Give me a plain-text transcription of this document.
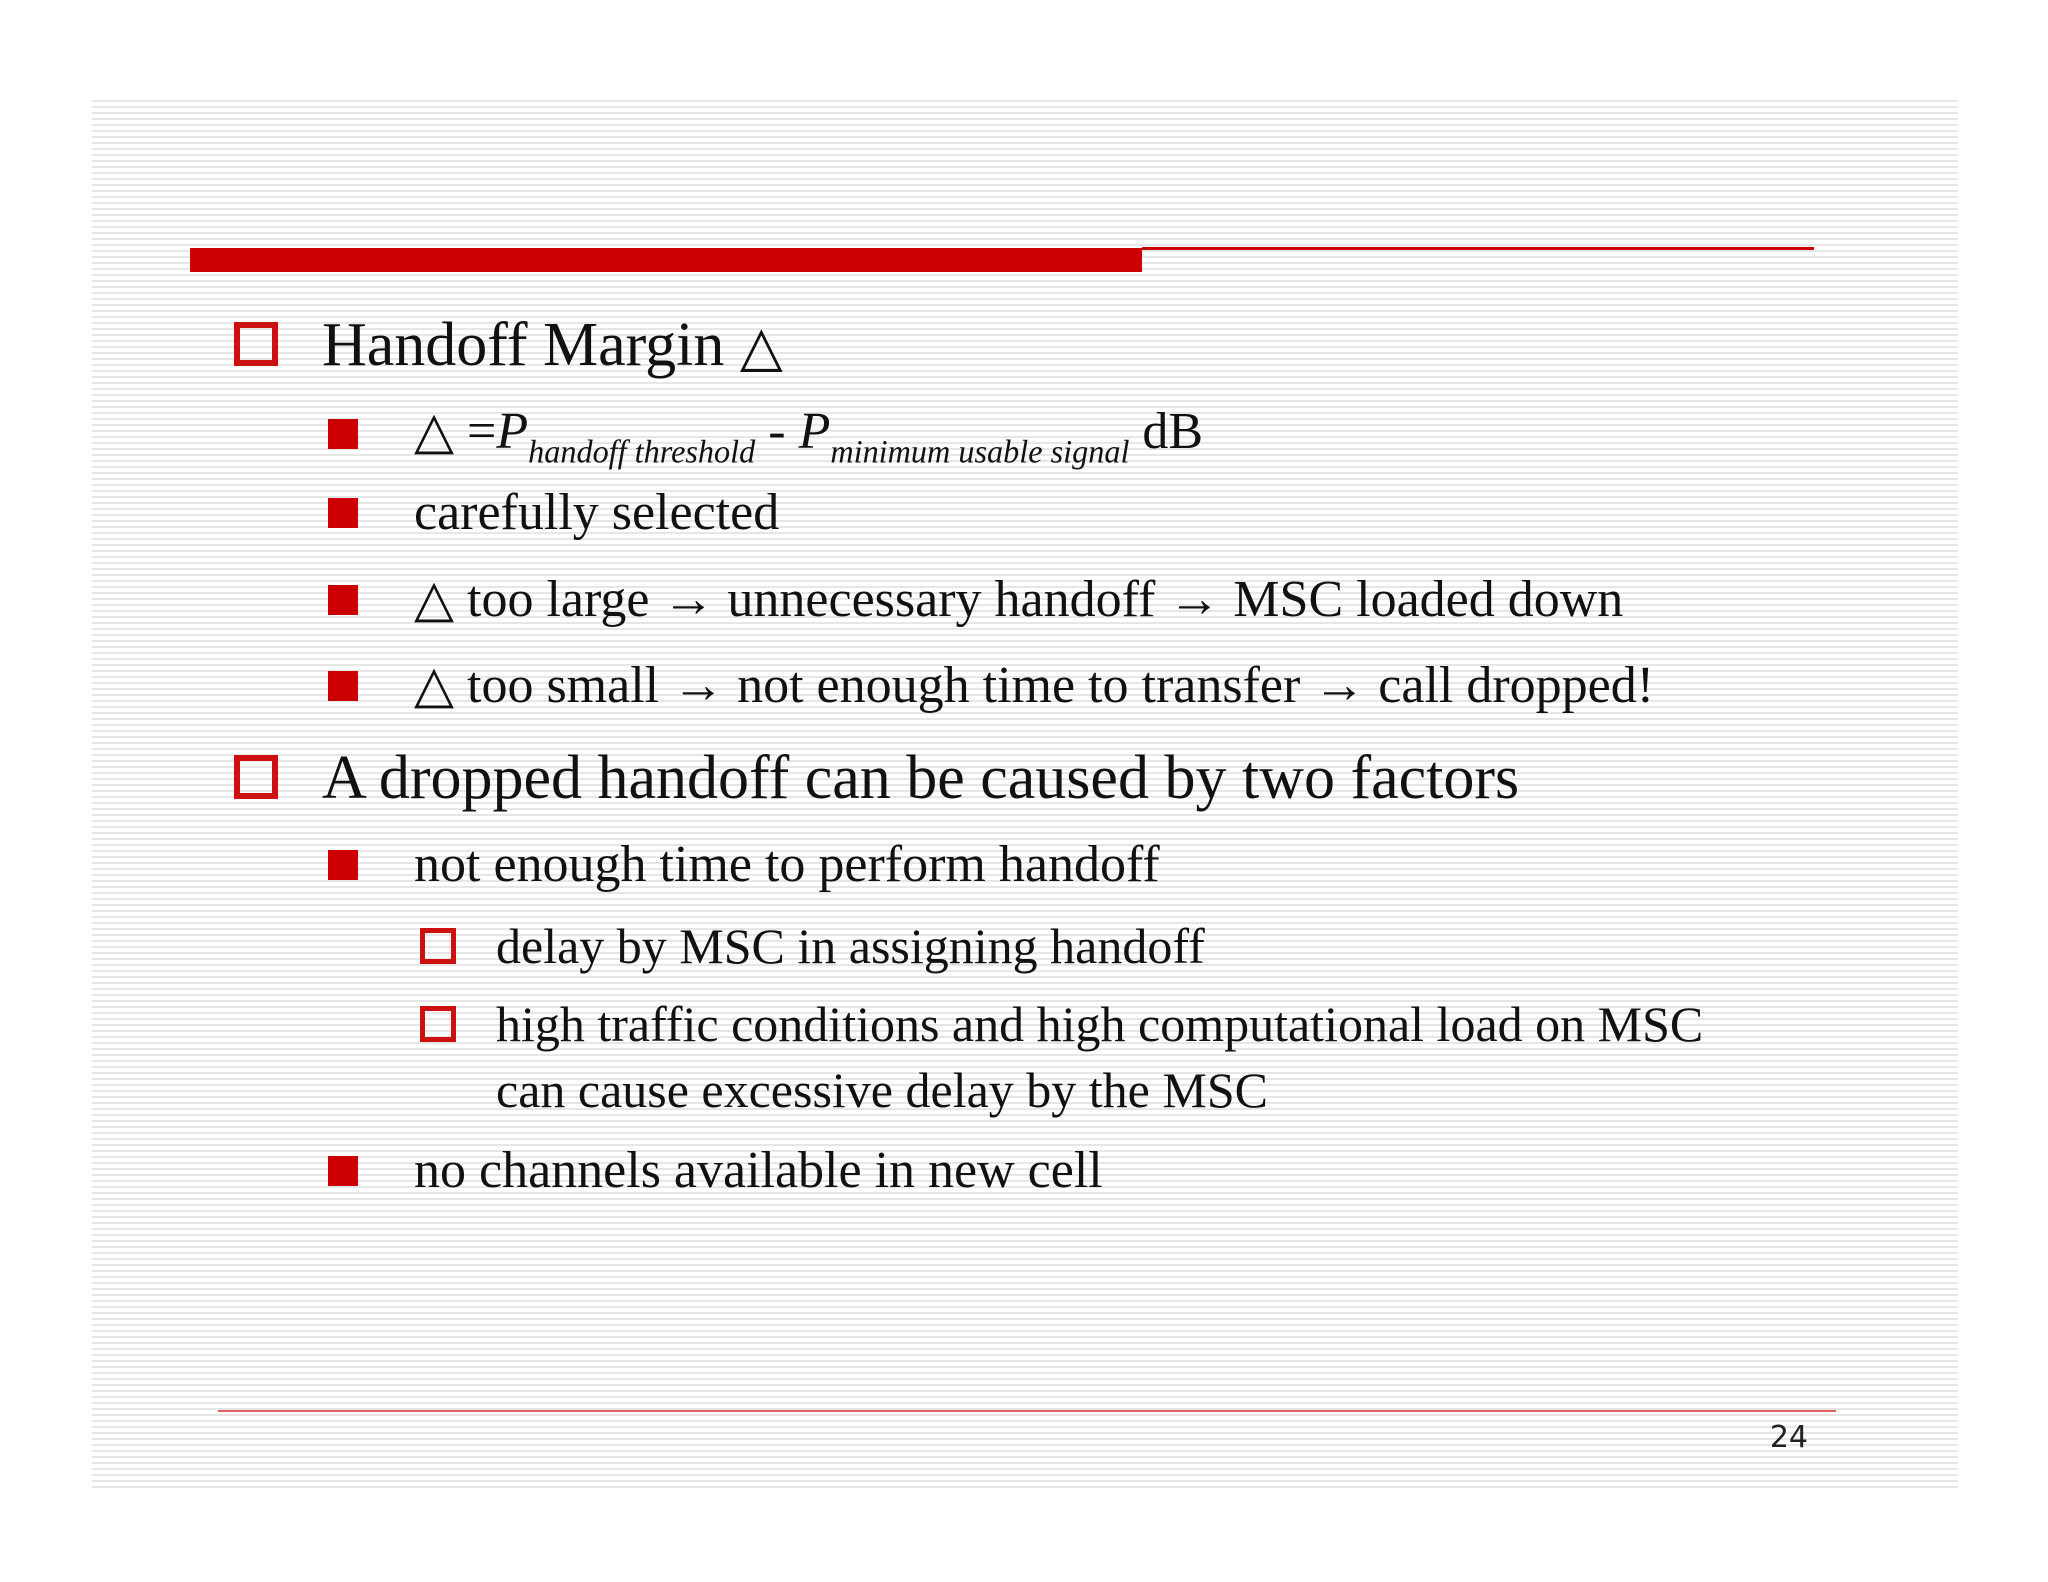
Handoff Margin △
△ $=P_{handoff threshold} - P_{minimum usable signal}$ dB
carefully selected
△ too large → unnecessary handoff → MSC loaded down
△ too small → not enough time to transfer → call dropped!
A dropped handoff can be caused by two factors
not enough time to perform handoff
delay by MSC in assigning handoff
high traffic conditions and high computational load on MSC
can cause excessive delay by the MSC
no channels available in new cell
24
